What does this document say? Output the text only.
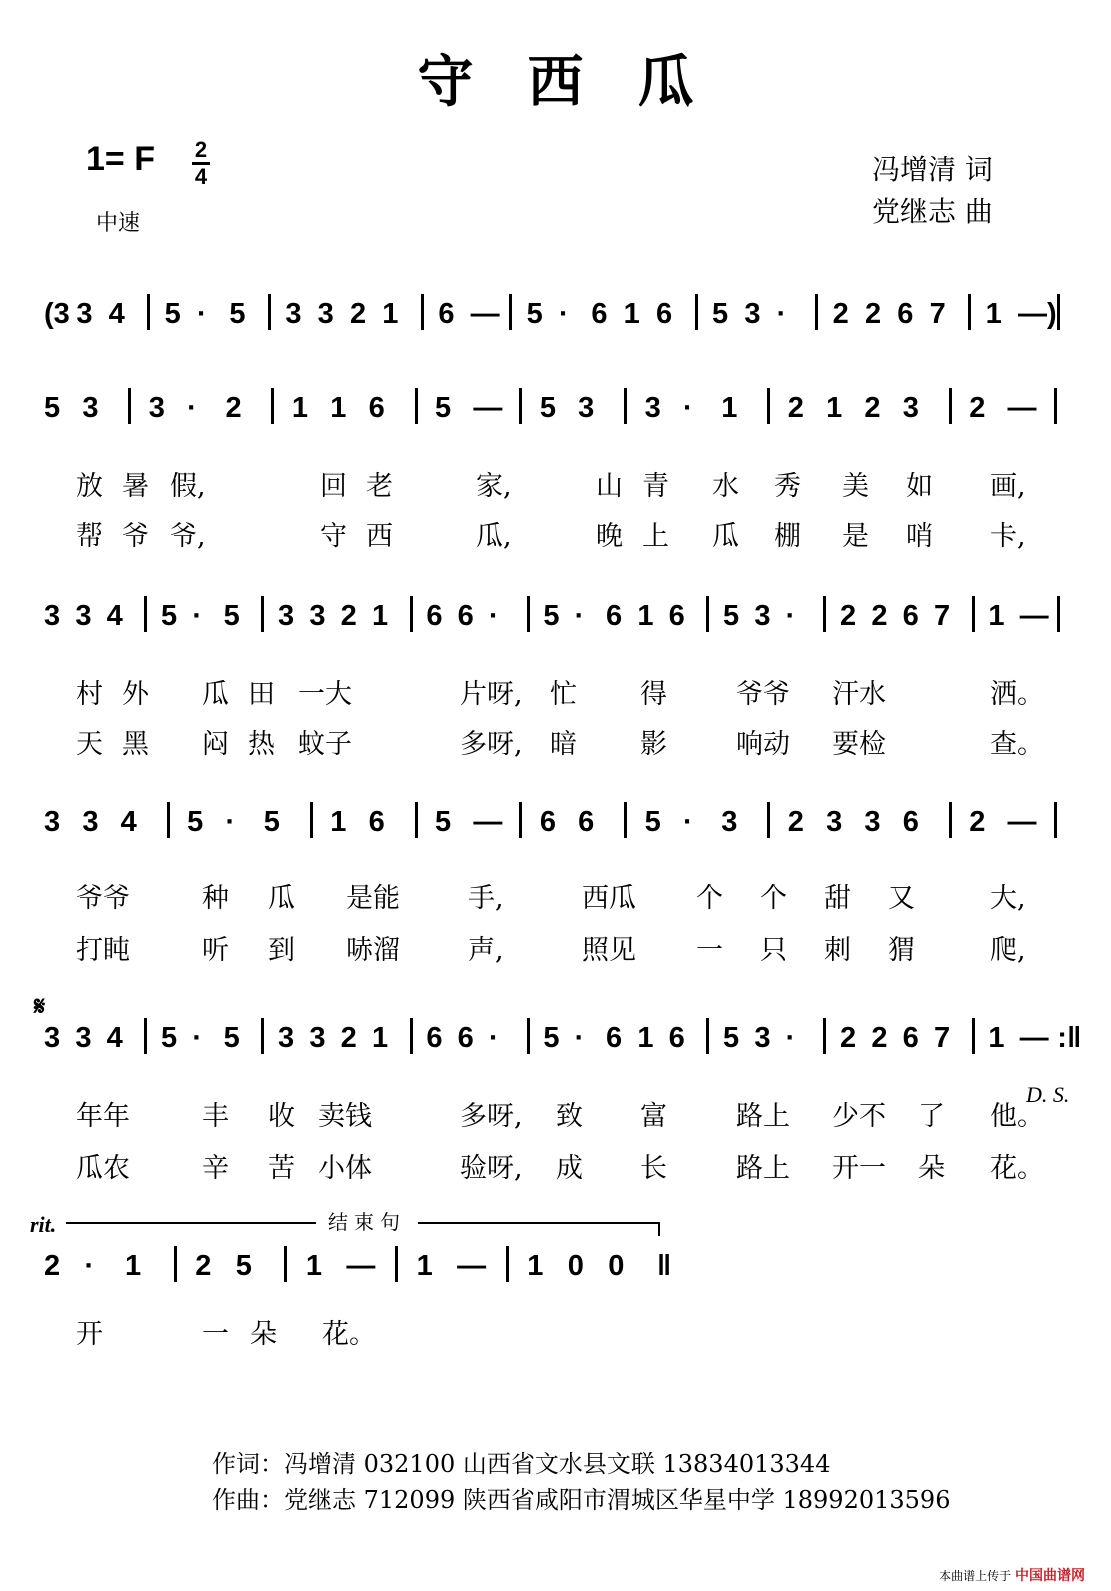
守西瓜
1= F 2
4
中速
冯增清 词
党继志 曲
(3 3 4 5 · 5 3 3 2 1 6 — 5 · 6 1 6 5 3 · 2 2 6 7 1 —)
5 3 3 · 2 1 1 6 5 — 5 3 3 · 1 2 1 2 3 2 —
放 暑 假,	回 老	家,	山 青 水 秀 美 如 画,
帮 爷 爷,	守 西	瓜,	晚 上 瓜 棚 是 哨 卡,
3 3 4 5 · 5 3 3 2 1 6 6 · 5 · 6 1 6 5 3 · 2 2 6 7 1 —
村 外 瓜 田 一大	片呀, 忙 得	爷爷 汗水	洒。
天 黑 闷 热 蚊子	多呀, 暗 影	响动 要检	查。
3 3 4 5 · 5 1 6 5 — 6 6 5 · 3 2 3 3 6 2 —
爷爷	种 瓜 是能	手,	西瓜 个 个 甜 又	大,
打盹	听 到 哧溜	声,	照见 一 只 刺 猬	爬,
3 3 4 5 · 5 3 3 2 1 6 6 · 5 · 6 1 6 5 3 · 2 2 6 7 1 — :‖
年年	丰 收 卖钱	多呀, 致 富	路上 少不 了 他。
瓜农	辛 苦 小体	验呀, 成 长	路上 开一 朵 花。
2 · 1 2 5 1 — 1 — 1 0 0 ‖
开	一 朵 花。
𝄋
D. S.
rit.	结束句
作词：冯增清 032100 山西省文水县文联 13834013344
作曲：党继志 712099 陕西省咸阳市渭城区华星中学 18992013596
本曲谱上传于 中国曲谱网
